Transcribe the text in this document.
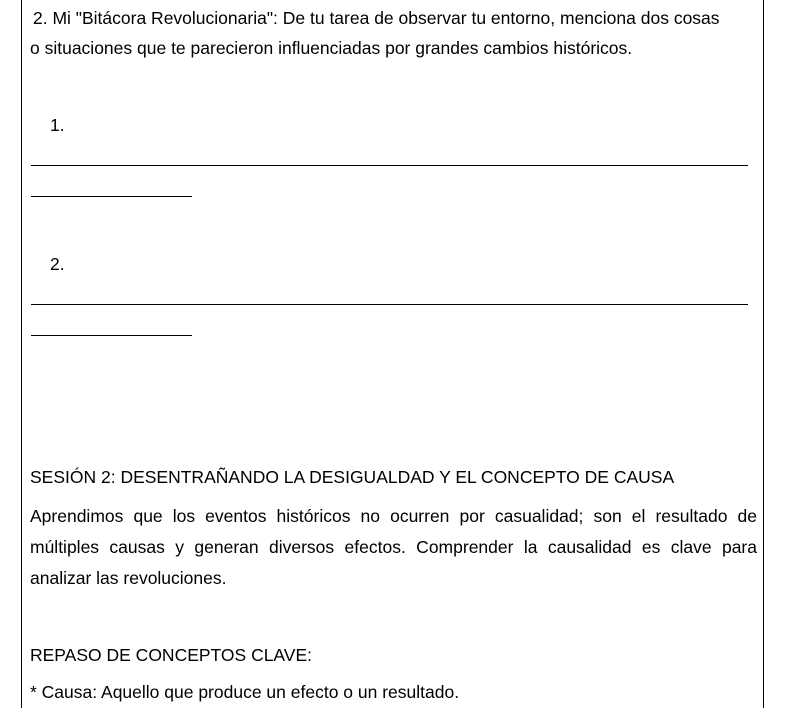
2. Mi "Bitácora Revolucionaria": De tu tarea de observar tu entorno, menciona dos cosas
o situaciones que te parecieron influenciadas por grandes cambios históricos.
1.
2.
SESIÓN 2: DESENTRAÑANDO LA DESIGUALDAD Y EL CONCEPTO DE CAUSA
Aprendimos que los eventos históricos no ocurren por casualidad; son el resultado de múltiples causas y generan diversos efectos. Comprender la causalidad es clave para analizar las revoluciones.
REPASO DE CONCEPTOS CLAVE:
* Causa: Aquello que produce un efecto o un resultado.
